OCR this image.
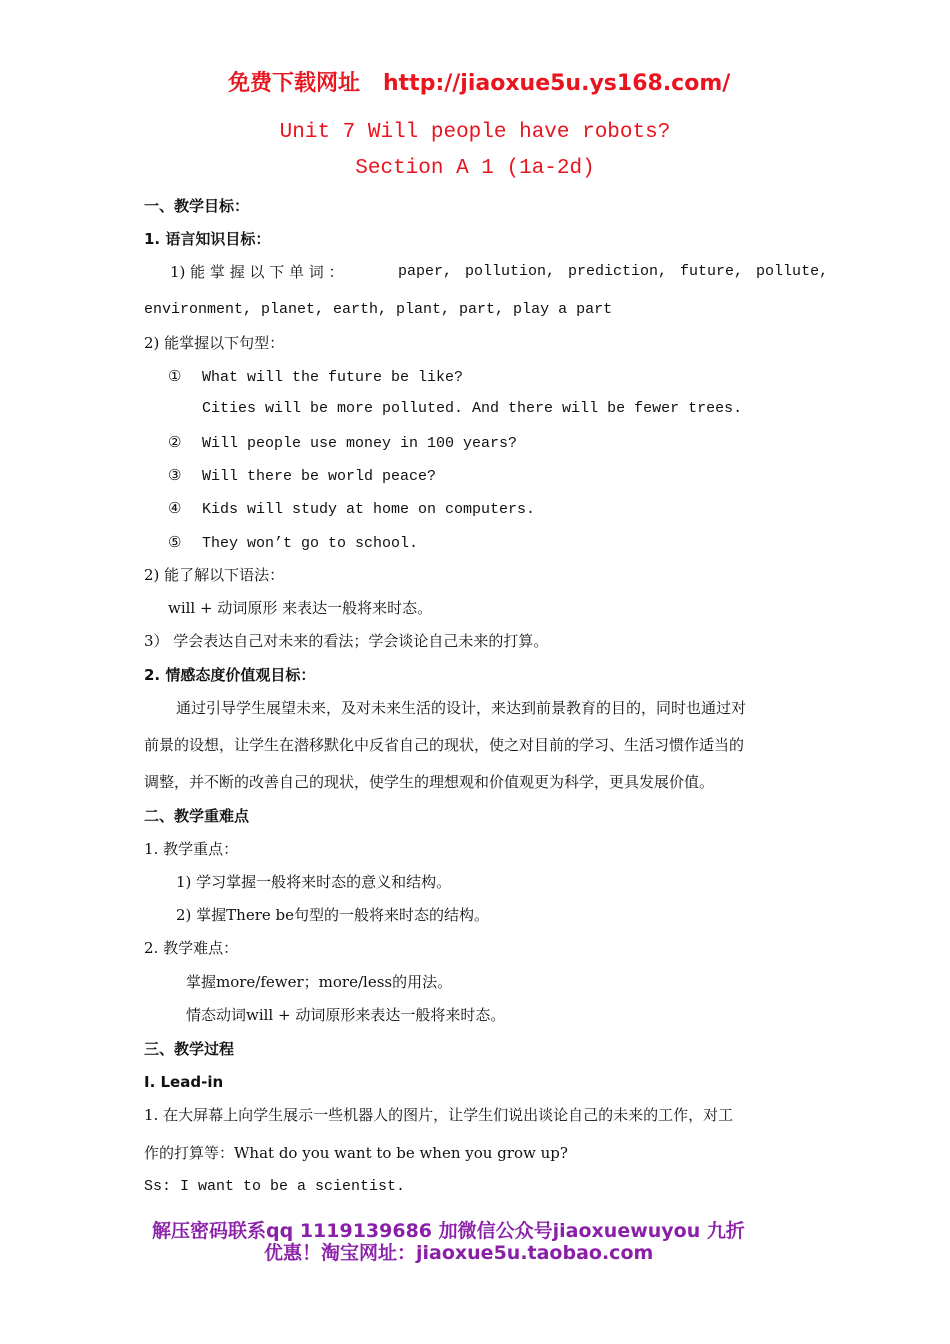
免费下载网址 http://jiaoxue5u.ys168.com/
Unit 7 Will people have robots?
Section A 1 (1a-2d)
一、教学目标：
1. 语言知识目标：
1) 能 掌 握 以 下 单 词 ：	paper, pollution, prediction, future, pollute,
environment, planet, earth, plant, part, play a part
2) 能掌握以下句型：
① What will the future be like?
Cities will be more polluted. And there will be fewer trees.
② Will people use money in 100 years?
③ Will there be world peace?
④ Kids will study at home on computers.
⑤ They won’t go to school.
2) 能了解以下语法：
will + 动词原形 来表达一般将来时态。
3） 学会表达自己对未来的看法；学会谈论自己未来的打算。
2. 情感态度价值观目标：
通过引导学生展望未来，及对未来生活的设计，来达到前景教育的目的，同时也通过对
前景的设想，让学生在潜移默化中反省自己的现状，使之对目前的学习、生活习惯作适当的
调整，并不断的改善自己的现状，使学生的理想观和价值观更为科学，更具发展价值。
二、教学重难点
1. 教学重点：
1) 学习掌握一般将来时态的意义和结构。
2) 掌握There be句型的一般将来时态的结构。
2. 教学难点：
掌握more/fewer；more/less的用法。
情态动词will + 动词原形来表达一般将来时态。
三、教学过程
Ⅰ. Lead-in
1. 在大屏幕上向学生展示一些机器人的图片，让学生们说出谈论自己的未来的工作，对工
作的打算等：What do you want to be when you grow up?
Ss: I want to be a scientist.
解压密码联系qq 1119139686 加微信公众号jiaoxuewuyou 九折
优惠！淘宝网址：jiaoxue5u.taobao.com
